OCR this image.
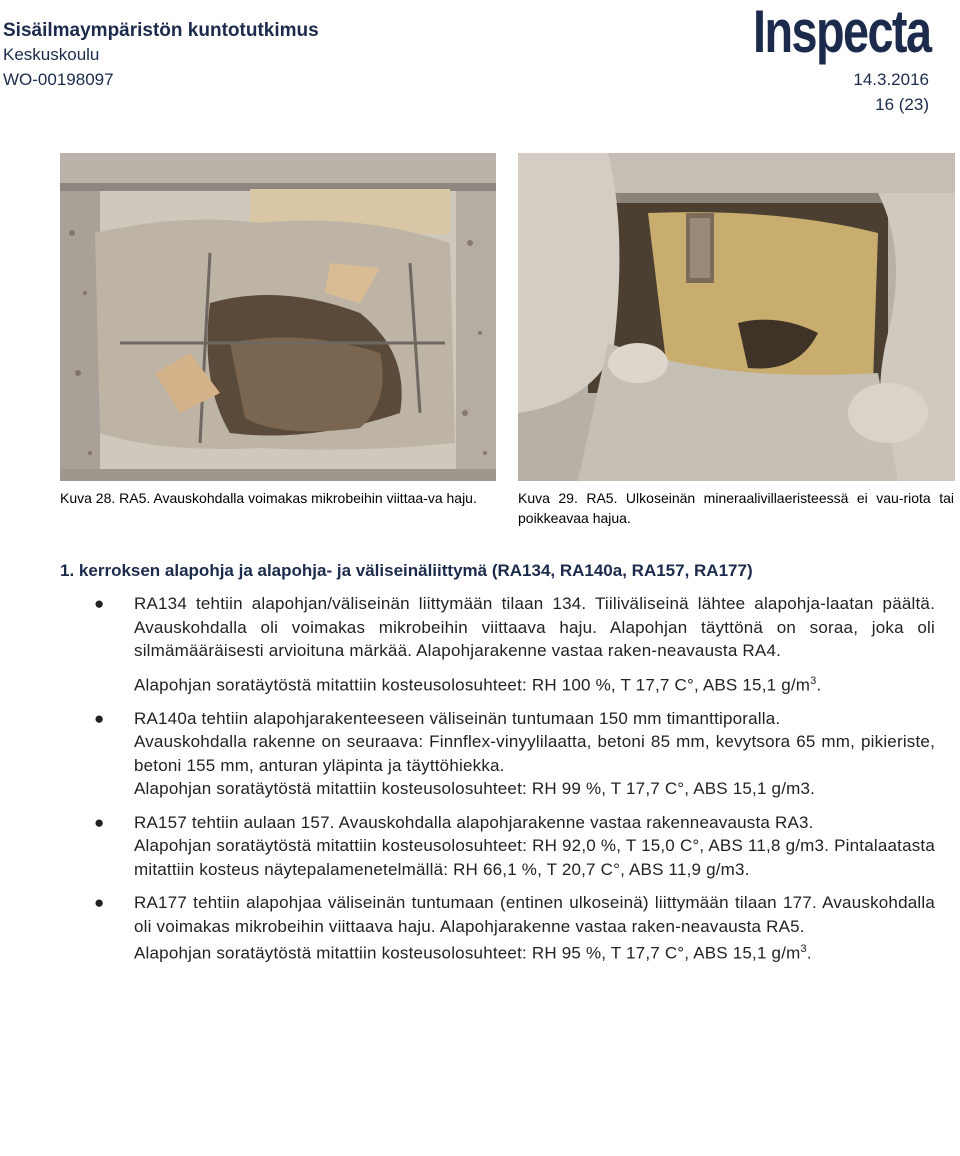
Sisäilmaympäristön kuntotutkimus
Keskuskoulu
WO-00198097	14.3.2016
16 (23)
Inspecta
Kuva 28. RA5. Avauskohdalla voimakas mikrobeihin viittaa-va haju.	Kuva 29. RA5. Ulkoseinän mineraalivillaeristeessä ei vau-riota tai poikkeavaa hajua.
1. kerroksen alapohja ja alapohja- ja väliseinäliittymä (RA134, RA140a, RA157, RA177)
● RA134 tehtiin alapohjan/väliseinän liittymään tilaan 134. Tiiliväliseinä lähtee alapohja-laatan päältä. Avauskohdalla oli voimakas mikrobeihin viittaava haju. Alapohjan täyttönä on soraa, joka oli silmämääräisesti arvioituna märkää. Alapohjarakenne vastaa raken-neavausta RA4.

Alapohjan soratäytöstä mitattiin kosteusolosuhteet: RH 100 %, T 17,7 C°, ABS 15,1 $g/m^3$.

● RA140a tehtiin alapohjarakenteeseen väliseinän tuntumaan 150 mm timanttiporalla.

Avauskohdalla rakenne on seuraava: Finnflex-vinyylilaatta, betoni 85 mm, kevytsora 65 mm, pikieriste, betoni 155 mm, anturan yläpinta ja täyttöhiekka.

Alapohjan soratäytöstä mitattiin kosteusolosuhteet: RH 99 %, T 17,7 C°, ABS 15,1 g/m3.

● RA157 tehtiin aulaan 157. Avauskohdalla alapohjarakenne vastaa rakenneavausta RA3.

Alapohjan soratäytöstä mitattiin kosteusolosuhteet: RH 92,0 %, T 15,0 C°, ABS 11,8 g/m3. Pintalaatasta mitattiin kosteus näytepalamenetelmällä: RH 66,1 %, T 20,7 C°, ABS 11,9 g/m3.

● RA177 tehtiin alapohjaa väliseinän tuntumaan (entinen ulkoseinä) liittymään tilaan 177. Avauskohdalla oli voimakas mikrobeihin viittaava haju. Alapohjarakenne vastaa raken-neavausta RA5.

Alapohjan soratäytöstä mitattiin kosteusolosuhteet: RH 95 %, T 17,7 C°, ABS 15,1 $g/m^3$.
